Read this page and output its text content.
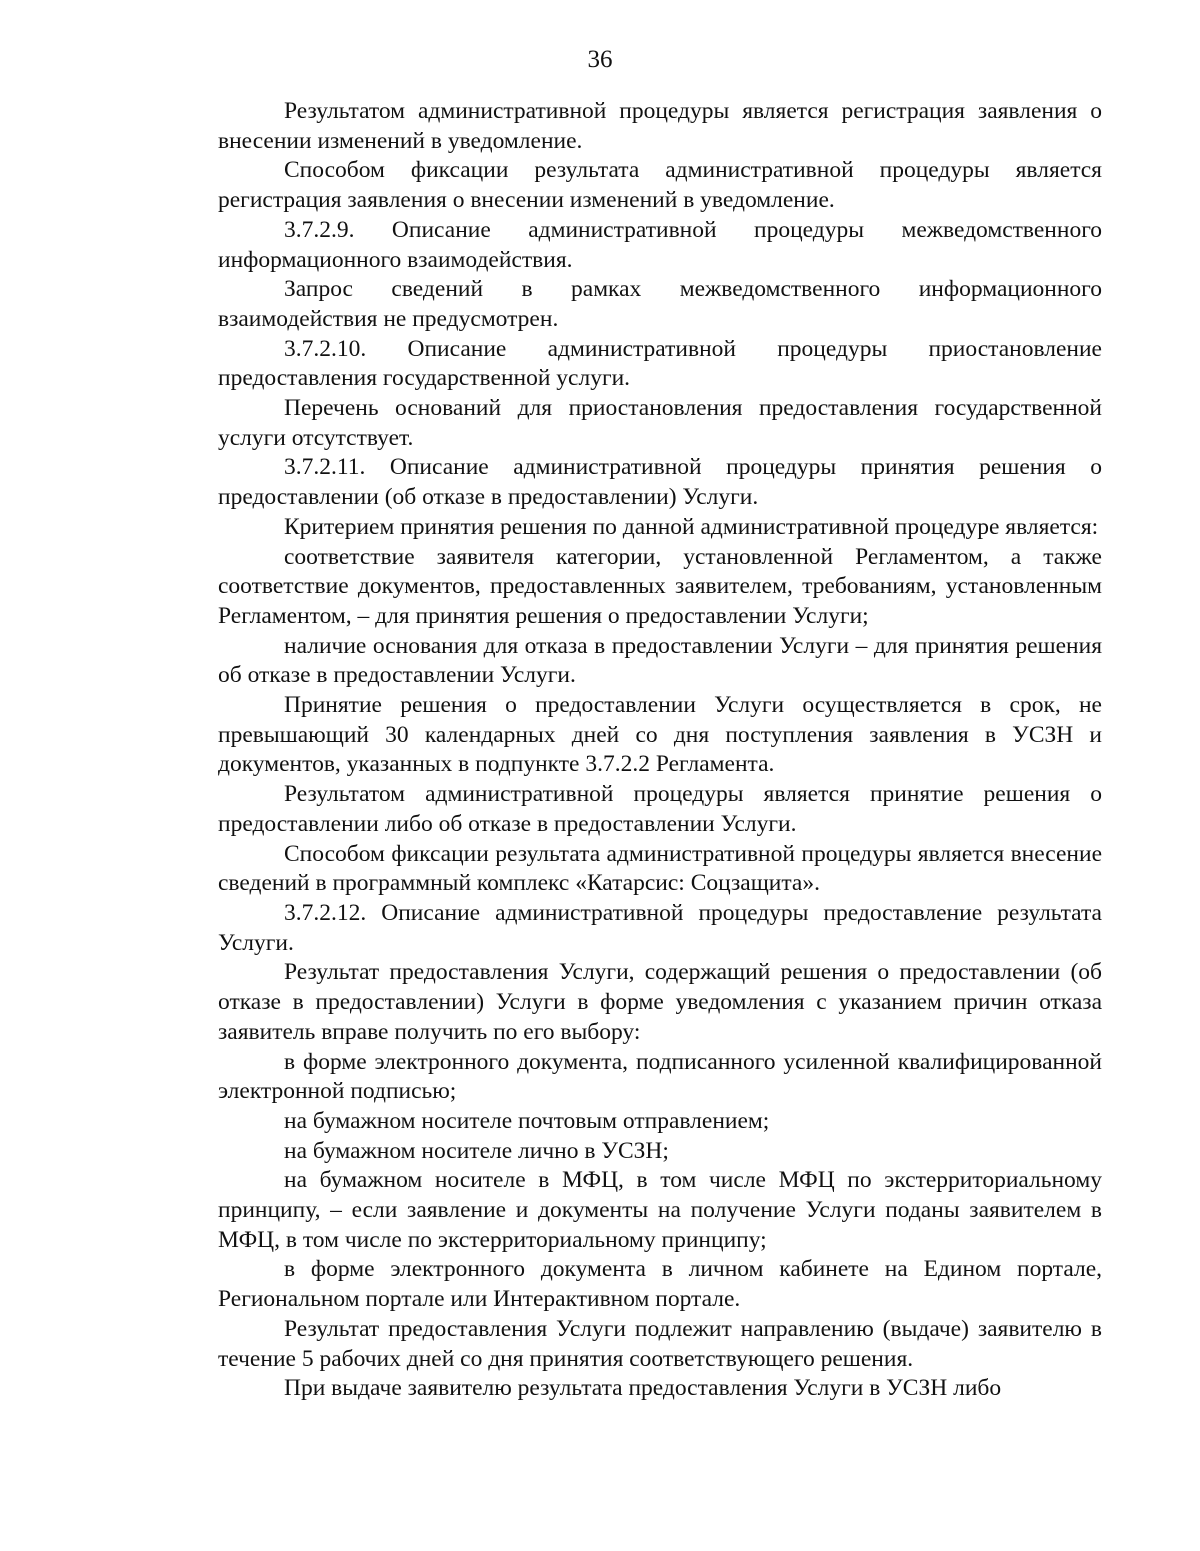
36

Результатом административной процедуры является регистрация заявления о внесении изменений в уведомление.

Способом фиксации результата административной процедуры является регистрация заявления о внесении изменений в уведомление.

3.7.2.9. Описание административной процедуры межведомственного информационного взаимодействия.

Запрос сведений в рамках межведомственного информационного взаимодействия не предусмотрен.

3.7.2.10. Описание административной процедуры приостановление предоставления государственной услуги.

Перечень оснований для приостановления предоставления государственной услуги отсутствует.

3.7.2.11. Описание административной процедуры принятия решения о предоставлении (об отказе в предоставлении) Услуги.

Критерием принятия решения по данной административной процедуре является:

соответствие заявителя категории, установленной Регламентом, а также соответствие документов, предоставленных заявителем, требованиям, установленным Регламентом, – для принятия решения о предоставлении Услуги;

наличие основания для отказа в предоставлении Услуги – для принятия решения об отказе в предоставлении Услуги.

Принятие решения о предоставлении Услуги осуществляется в срок, не превышающий 30 календарных дней со дня поступления заявления в УСЗН и документов, указанных в подпункте 3.7.2.2 Регламента.

Результатом административной процедуры является принятие решения о предоставлении либо об отказе в предоставлении Услуги.

Способом фиксации результата административной процедуры является внесение сведений в программный комплекс «Катарсис: Соцзащита».

3.7.2.12. Описание административной процедуры предоставление результата Услуги.

Результат предоставления Услуги, содержащий решения о предоставлении (об отказе в предоставлении) Услуги в форме уведомления с указанием причин отказа заявитель вправе получить по его выбору:

в форме электронного документа, подписанного усиленной квалифицированной электронной подписью;

на бумажном носителе почтовым отправлением;

на бумажном носителе лично в УСЗН;

на бумажном носителе в МФЦ, в том числе МФЦ по экстерриториальному принципу, – если заявление и документы на получение Услуги поданы заявителем в МФЦ, в том числе по экстерриториальному принципу;

в форме электронного документа в личном кабинете на Едином портале, Региональном портале или Интерактивном портале.

Результат предоставления Услуги подлежит направлению (выдаче) заявителю в течение 5 рабочих дней со дня принятия соответствующего решения.

При выдаче заявителю результата предоставления Услуги в УСЗН либо
